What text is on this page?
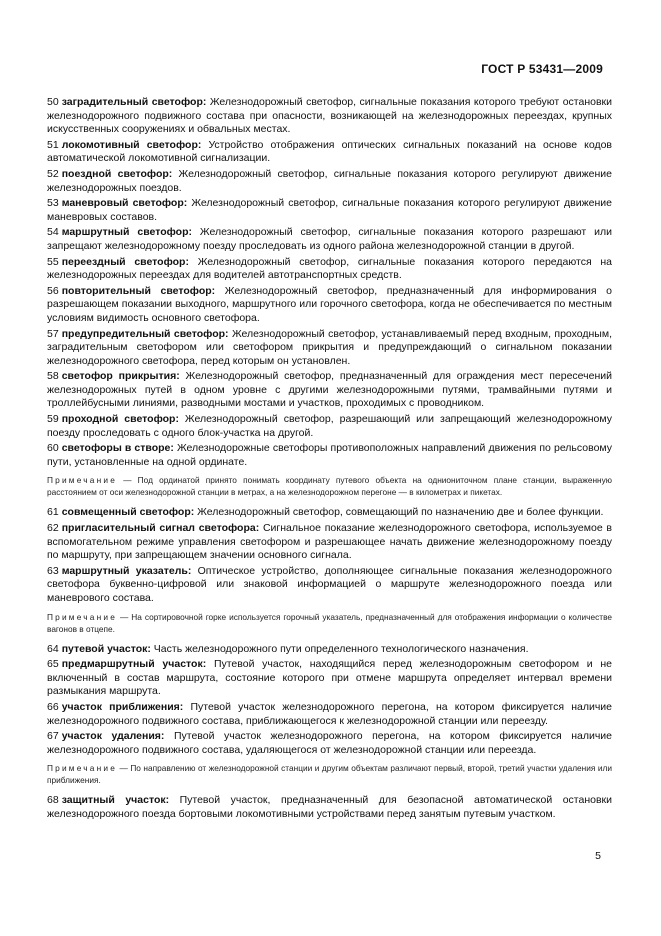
ГОСТ Р 53431—2009

50 заградительный светофор: Железнодорожный светофор, сигнальные показания которого требуют остановки железнодорожного подвижного состава при опасности, возникающей на железнодорожных переездах, крупных искусственных сооружениях и обвальных местах.

51 локомотивный светофор: Устройство отображения оптических сигнальных показаний на основе кодов автоматической локомотивной сигнализации.

52 поездной светофор: Железнодорожный светофор, сигнальные показания которого регулируют движение железнодорожных поездов.

53 маневровый светофор: Железнодорожный светофор, сигнальные показания которого регулируют движение маневровых составов.

54 маршрутный светофор: Железнодорожный светофор, сигнальные показания которого разрешают или запрещают железнодорожному поезду проследовать из одного района железнодорожной станции в другой.

55 переездный светофор: Железнодорожный светофор, сигнальные показания которого передаются на железнодорожных переездах для водителей автотранспортных средств.

56 повторительный светофор: Железнодорожный светофор, предназначенный для информирования о разрешающем показании выходного, маршрутного или горочного светофора, когда не обеспечивается по местным условиям видимость основного светофора.

57 предупредительный светофор: Железнодорожный светофор, устанавливаемый перед входным, проходным, заградительным светофором или светофором прикрытия и предупреждающий о сигнальном показании железнодорожного светофора, перед которым он установлен.

58 светофор прикрытия: Железнодорожный светофор, предназначенный для ограждения мест пересечений железнодорожных путей в одном уровне с другими железнодорожными путями, трамвайными путями и троллейбусными линиями, разводными мостами и участков, проходимых с проводником.

59 проходной светофор: Железнодорожный светофор, разрешающий или запрещающий железнодорожному поезду проследовать с одного блок-участка на другой.

60 светофоры в створе: Железнодорожные светофоры противоположных направлений движения по рельсовому пути, установленные на одной ординате.

Примечание — Под ординатой принято понимать координату путевого объекта на одниониточном плане станции, выраженную расстоянием от оси железнодорожной станции в метрах, а на железнодорожном перегоне — в километрах и пикетах.

61 совмещенный светофор: Железнодорожный светофор, совмещающий по назначению две и более функции.

62 пригласительный сигнал светофора: Сигнальное показание железнодорожного светофора, используемое в вспомогательном режиме управления светофором и разрешающее начать движение железнодорожному поезду по маршруту, при запрещающем значении основного сигнала.

63 маршрутный указатель: Оптическое устройство, дополняющее сигнальные показания железнодорожного светофора буквенно-цифровой или знаковой информацией о маршруте железнодорожного поезда или маневрового состава.

Примечание — На сортировочной горке используется горочный указатель, предназначенный для отображения информации о количестве вагонов в отцепе.

64 путевой участок: Часть железнодорожного пути определенного технологического назначения.

65 предмаршрутный участок: Путевой участок, находящийся перед железнодорожным светофором и не включенный в состав маршрута, состояние которого при отмене маршрута определяет интервал времени размыкания маршрута.

66 участок приближения: Путевой участок железнодорожного перегона, на котором фиксируется наличие железнодорожного подвижного состава, приближающегося к железнодорожной станции или переезду.

67 участок удаления: Путевой участок железнодорожного перегона, на котором фиксируется наличие железнодорожного подвижного состава, удаляющегося от железнодорожной станции или переезда.

Примечание — По направлению от железнодорожной станции и другим объектам различают первый, второй, третий участки удаления или приближения.

68 защитный участок: Путевой участок, предназначенный для безопасной автоматической остановки железнодорожного поезда бортовыми локомотивными устройствами перед занятым путевым участком.

5
